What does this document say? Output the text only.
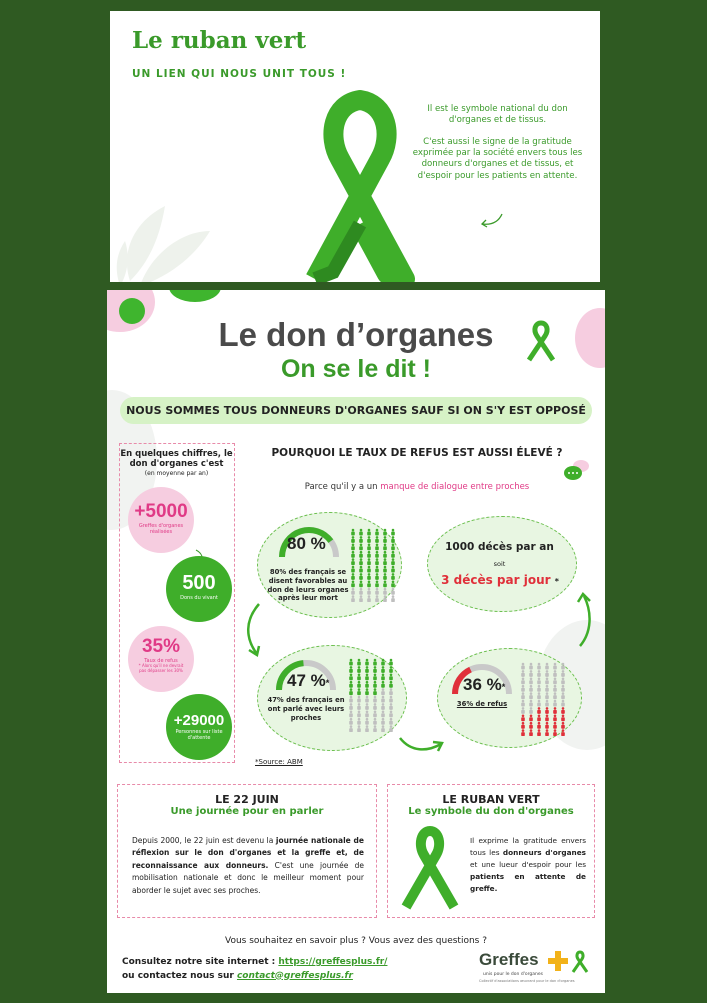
Le ruban vert
UN LIEN QUI NOUS UNIT TOUS !

Il est le symbole national du don d'organes et de tissus.

C'est aussi le signe de la gratitude exprimée par la société envers tous les donneurs d'organes et de tissus, et d'espoir pour les patients en attente.

Le don d’organes
On se le dit !
NOUS SOMMES TOUS DONNEURS D'ORGANES SAUF SI ON S'Y EST OPPOSÉ
En quelques chiffres, le don d'organes c'est
(en moyenne par an)
+5000
Greffes d'organes réalisées
500
Dons du vivant
35%
Taux de refus
* Alors qu'il ne devrait pas dépasser les 30%
+29000
Personnes sur liste d'attente
POURQUOI LE TAUX DE REFUS EST AUSSI ÉLEVÉ ?
Parce qu'il y a un manque de dialogue entre proches
80 %
80% des français se disent favorables au don de leurs organes après leur mort
1000 décès par an
soit
3 décès par jour *
47 %*
47% des français en ont parlé avec leurs proches
36 %*
36% de refus
*Source: ABM
LE 22 JUIN
Une journée pour en parler
Depuis 2000, le 22 juin est devenu la journée nationale de réflexion sur le don d'organes et la greffe et, de reconnaissance aux donneurs. C'est une journée de mobilisation nationale et donc le meilleur moment pour aborder le sujet avec ses proches.
LE RUBAN VERT
Le symbole du don d'organes
Il exprime la gratitude envers tous les donneurs d'organes et une lueur d'espoir pour les patients en attente de greffe.
Vous souhaitez en savoir plus ? Vous avez des questions ?
Consultez notre site internet : https://greffesplus.fr/
ou contactez nous sur contact@greffesplus.fr
Greffes
unis pour le don d'organes
Collectif d'associations œuvrant pour le don d'organes
